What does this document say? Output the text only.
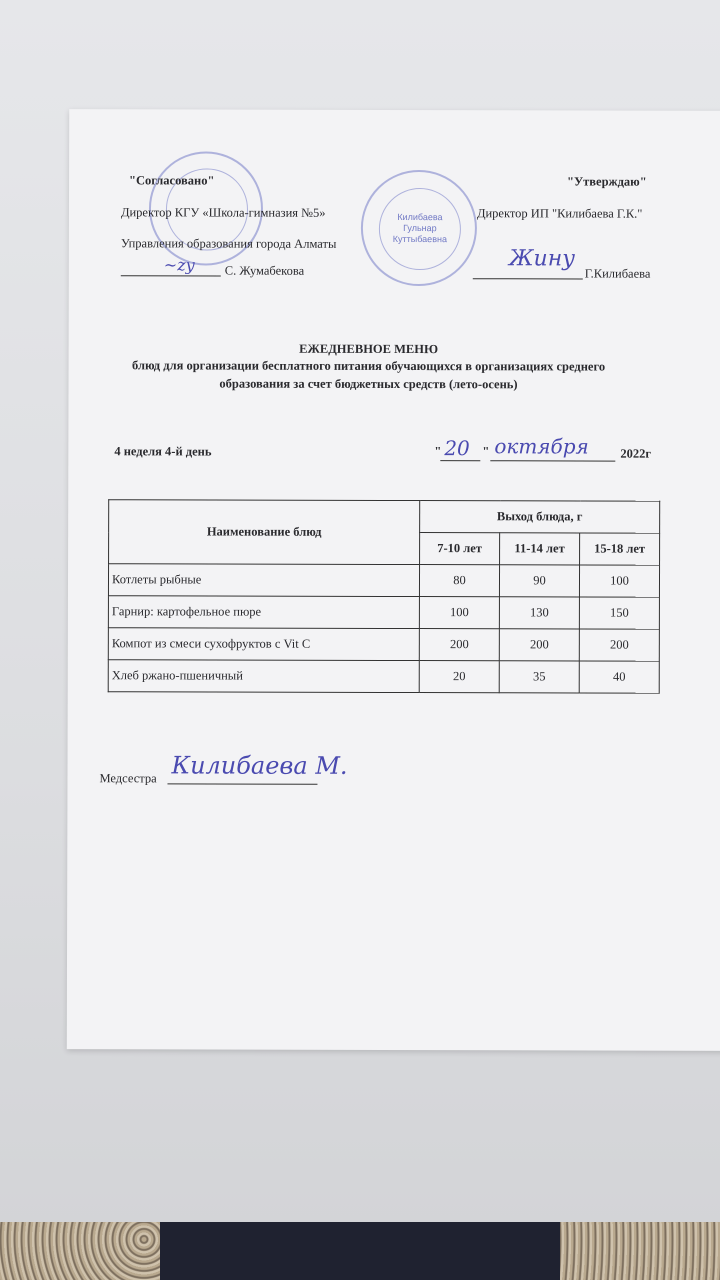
Килибаева
Гульнар
Куттыбаевна
"Согласовано"
Директор КГУ «Школа-гимназия №5»
Управления образования города Алматы
~zy С. Жумабекова
"Утверждаю"
Директор ИП "Килибаева Г.К."
Жину
Г.Килибаева
ЕЖЕДНЕВНОЕ МЕНЮ
блюд для организации бесплатного питания обучающихся в организациях среднего
образования за счет бюджетных средств (лето-осень)
4 неделя 4-й день	" 20 " октября	2022г
Наименование блюд	Выход блюда, г		
	7-10 лет	11-14 лет	15-18 лет
Котлеты рыбные	80	90	100
Гарнир: картофельное пюре	100	130	150
Компот из смеси сухофруктов с Vit C	200	200	200
Хлеб ржано-пшеничный	20	35	40
Медсестра Килибаева М.
